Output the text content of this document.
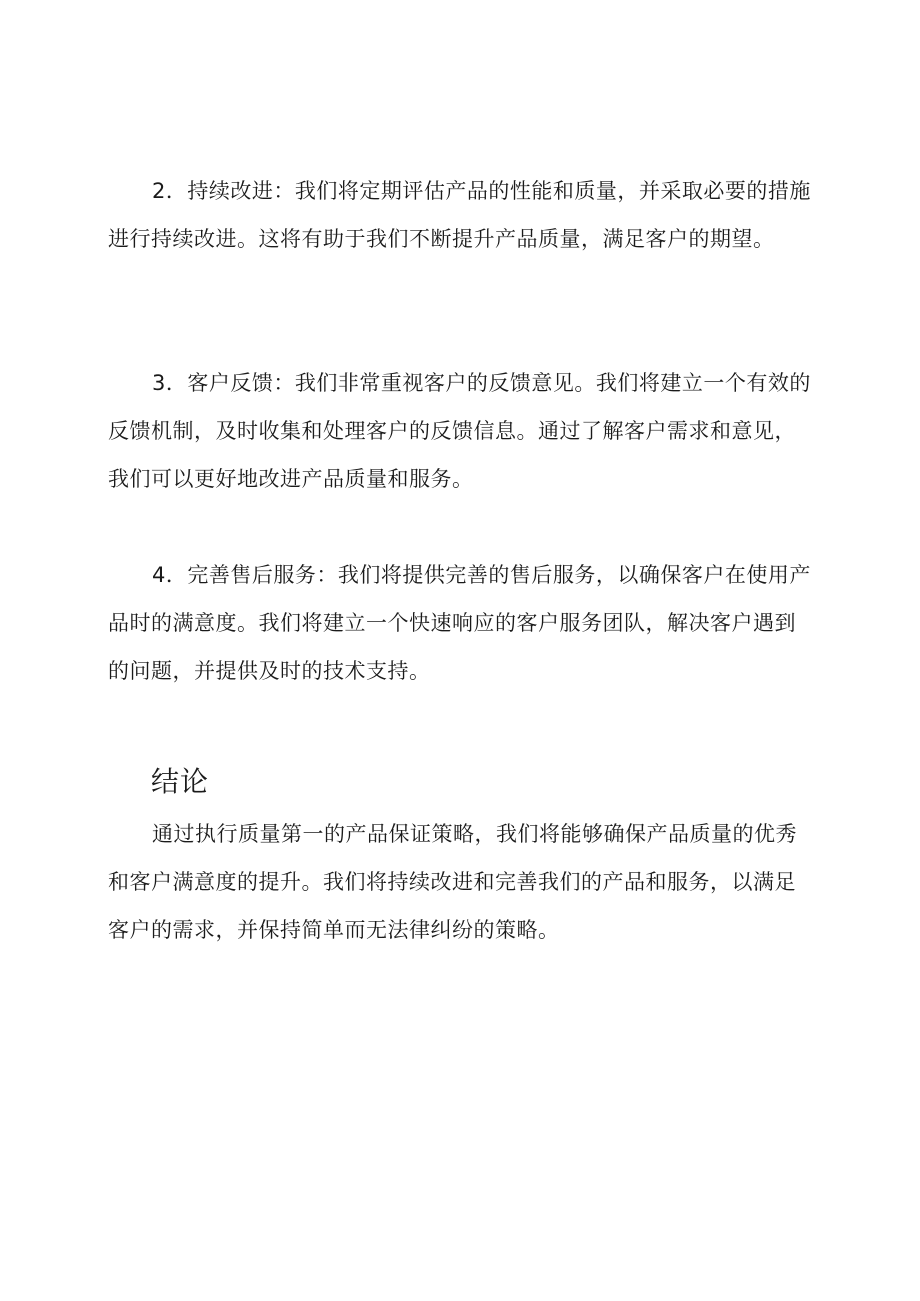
2．持续改进：我们将定期评估产品的性能和质量，并采取必要的措施进行持续改进。这将有助于我们不断提升产品质量，满足客户的期望。

3．客户反馈：我们非常重视客户的反馈意见。我们将建立一个有效的反馈机制，及时收集和处理客户的反馈信息。通过了解客户需求和意见，我们可以更好地改进产品质量和服务。

4．完善售后服务：我们将提供完善的售后服务，以确保客户在使用产品时的满意度。我们将建立一个快速响应的客户服务团队，解决客户遇到的问题，并提供及时的技术支持。

结论

通过执行质量第一的产品保证策略，我们将能够确保产品质量的优秀和客户满意度的提升。我们将持续改进和完善我们的产品和服务，以满足客户的需求，并保持简单而无法律纠纷的策略。
